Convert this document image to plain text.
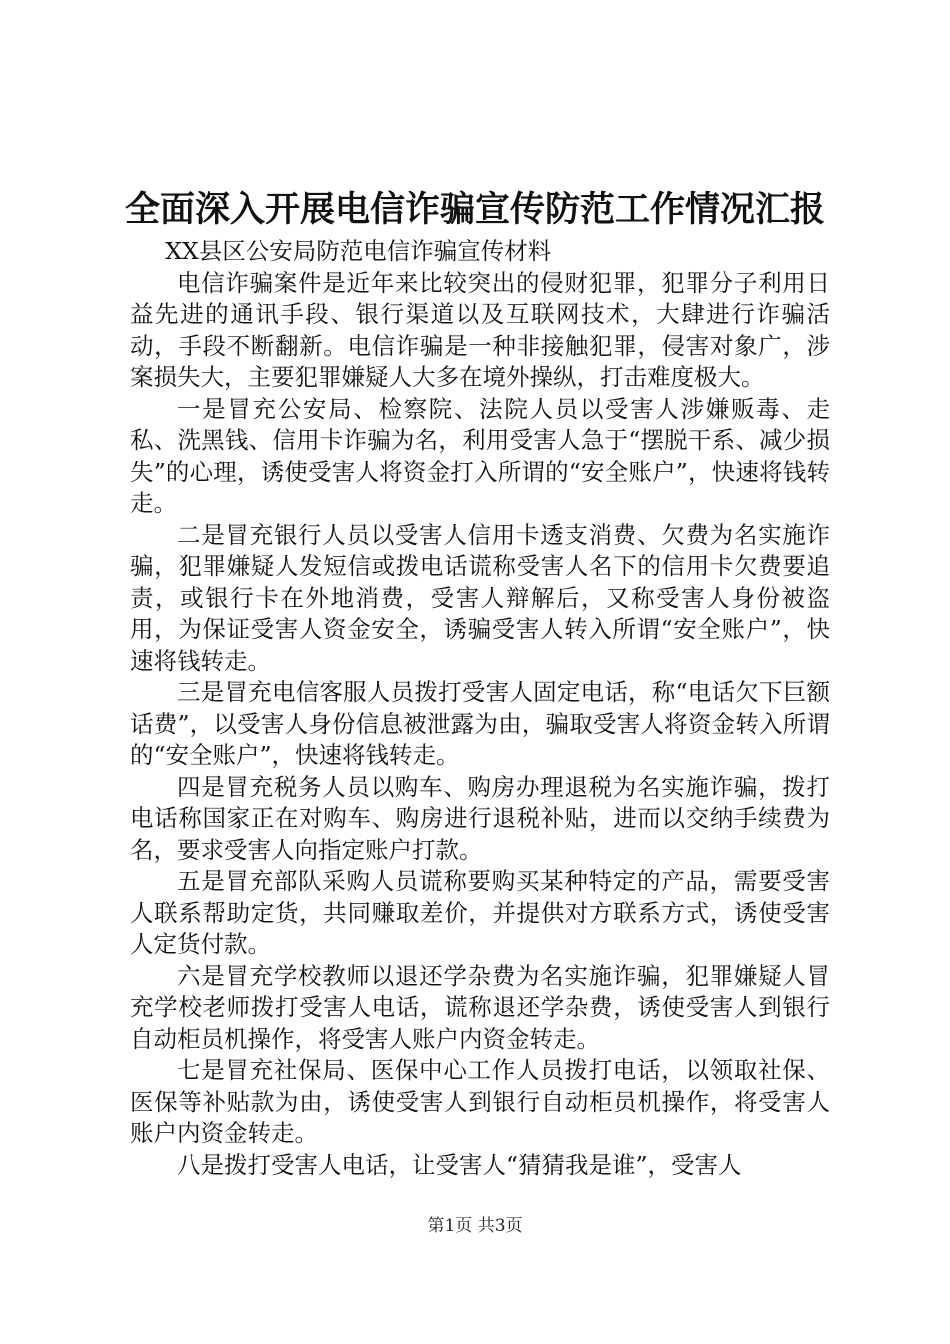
全面深入开展电信诈骗宣传防范工作情况汇报

XX县区公安局防范电信诈骗宣传材料

电信诈骗案件是近年来比较突出的侵财犯罪，犯罪分子利用日益先进的通讯手段、银行渠道以及互联网技术，大肆进行诈骗活动，手段不断翻新。电信诈骗是一种非接触犯罪，侵害对象广，涉案损失大，主要犯罪嫌疑人大多在境外操纵，打击难度极大。

一是冒充公安局、检察院、法院人员以受害人涉嫌贩毒、走私、洗黑钱、信用卡诈骗为名，利用受害人急于“摆脱干系、减少损失”的心理，诱使受害人将资金打入所谓的“安全账户”，快速将钱转走。

二是冒充银行人员以受害人信用卡透支消费、欠费为名实施诈骗，犯罪嫌疑人发短信或拨电话谎称受害人名下的信用卡欠费要追责，或银行卡在外地消费，受害人辩解后，又称受害人身份被盗用，为保证受害人资金安全，诱骗受害人转入所谓“安全账户”，快速将钱转走。

三是冒充电信客服人员拨打受害人固定电话，称“电话欠下巨额话费”，以受害人身份信息被泄露为由，骗取受害人将资金转入所谓的“安全账户”，快速将钱转走。

四是冒充税务人员以购车、购房办理退税为名实施诈骗，拨打电话称国家正在对购车、购房进行退税补贴，进而以交纳手续费为名，要求受害人向指定账户打款。

五是冒充部队采购人员谎称要购买某种特定的产品，需要受害人联系帮助定货，共同赚取差价，并提供对方联系方式，诱使受害人定货付款。

六是冒充学校教师以退还学杂费为名实施诈骗，犯罪嫌疑人冒充学校老师拨打受害人电话，谎称退还学杂费，诱使受害人到银行自动柜员机操作，将受害人账户内资金转走。

七是冒充社保局、医保中心工作人员拨打电话，以领取社保、医保等补贴款为由，诱使受害人到银行自动柜员机操作，将受害人账户内资金转走。

八是拨打受害人电话，让受害人“猜猜我是谁”，受害人

第1页 共3页
